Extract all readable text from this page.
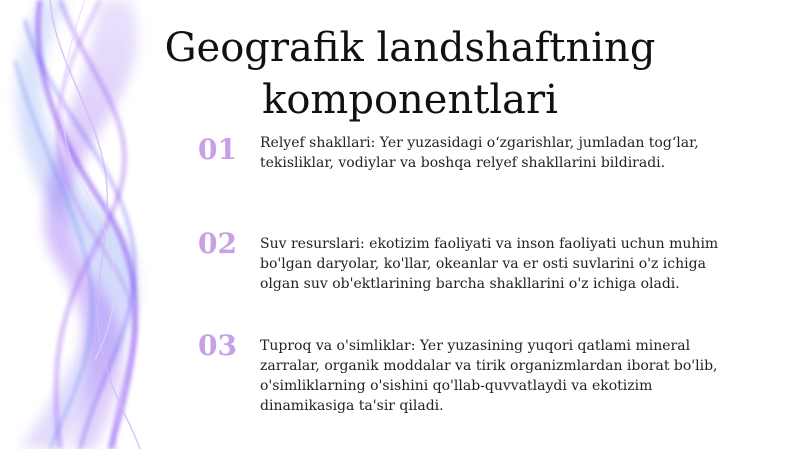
Geografik landshaftning komponentlari
01	Relyef shakllari: Yer yuzasidagi o‘zgarishlar, jumladan tog‘lar, tekisliklar, vodiylar va boshqa relyef shakllarini bildiradi.
02	Suv resurslari: ekotizim faoliyati va inson faoliyati uchun muhim bo'lgan daryolar, ko'llar, okeanlar va er osti suvlarini o'z ichiga olgan suv ob'ektlarining barcha shakllarini o'z ichiga oladi.
03	Tuproq va o'simliklar: Yer yuzasining yuqori qatlami mineral zarralar, organik moddalar va tirik organizmlardan iborat bo'lib, o'simliklarning o'sishini qo'llab-quvvatlaydi va ekotizim dinamikasiga ta'sir qiladi.
